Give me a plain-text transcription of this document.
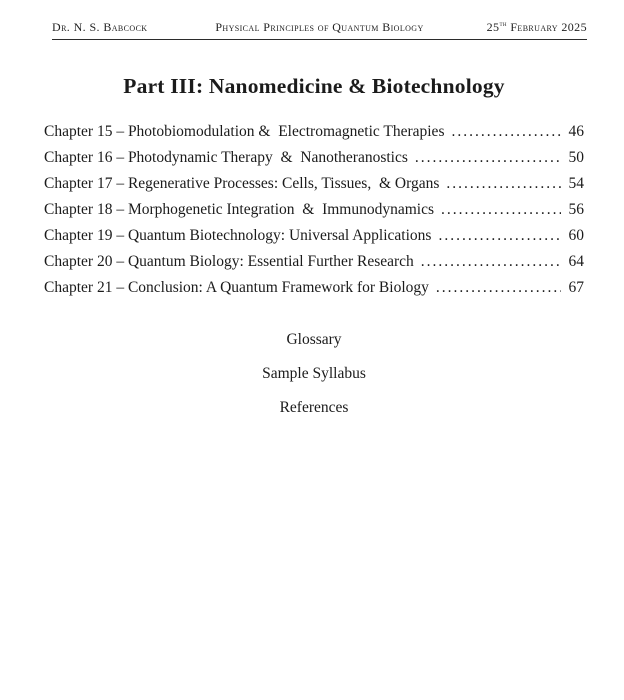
Dr. N. S. Babcock	Physical Principles of Quantum Biology	25th February 2025
Part III: Nanomedicine & Biotechnology
Chapter 15 – Photobiomodulation &  Electromagnetic Therapies .....	46
Chapter 16 – Photodynamic Therapy  &  Nanotheranostics .....	50
Chapter 17 – Regenerative Processes: Cells, Tissues,  & Organs .....	54
Chapter 18 – Morphogenetic Integration  &  Immunodynamics .....	56
Chapter 19 – Quantum Biotechnology: Universal Applications .....	60
Chapter 20 – Quantum Biology: Essential Further Research .....	64
Chapter 21 – Conclusion: A Quantum Framework for Biology .....	67
Glossary
Sample Syllabus
References
